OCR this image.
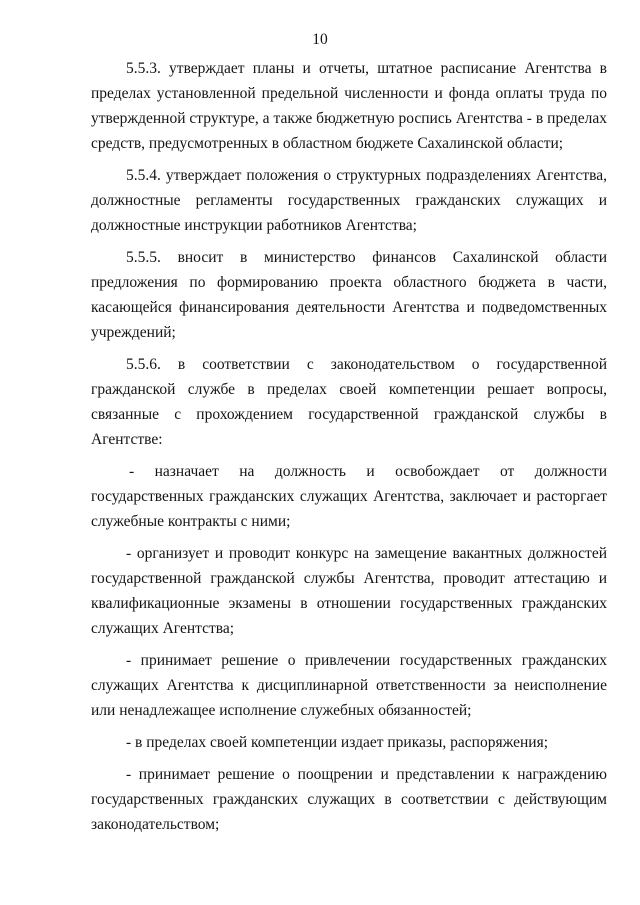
10

5.5.3. утверждает планы и отчеты, штатное расписание Агентства в
пределах установленной предельной численности и фонда оплаты труда по
утвержденной структуре, а также бюджетную роспись Агентства - в пределах
средств, предусмотренных в областном бюджете Сахалинской области;

5.5.4. утверждает положения о структурных подразделениях Агентства,
должностные регламенты государственных гражданских служащих и
должностные инструкции работников Агентства;

5.5.5. вносит в министерство финансов Сахалинской области
предложения по формированию проекта областного бюджета в части,
касающейся финансирования деятельности Агентства и подведомственных
учреждений;

5.5.6. в соответствии с законодательством о государственной
гражданской службе в пределах своей компетенции решает вопросы,
связанные с прохождением государственной гражданской службы в
Агентстве:

- назначает на должность и освобождает от должности
государственных гражданских служащих Агентства, заключает и расторгает
служебные контракты с ними;

- организует и проводит конкурс на замещение вакантных должностей
государственной гражданской службы Агентства, проводит аттестацию и
квалификационные экзамены в отношении государственных гражданских
служащих Агентства;

- принимает решение о привлечении государственных гражданских
служащих Агентства к дисциплинарной ответственности за неисполнение
или ненадлежащее исполнение служебных обязанностей;

- в пределах своей компетенции издает приказы, распоряжения;

- принимает решение о поощрении и представлении к награждению
государственных гражданских служащих в соответствии с действующим
законодательством;
